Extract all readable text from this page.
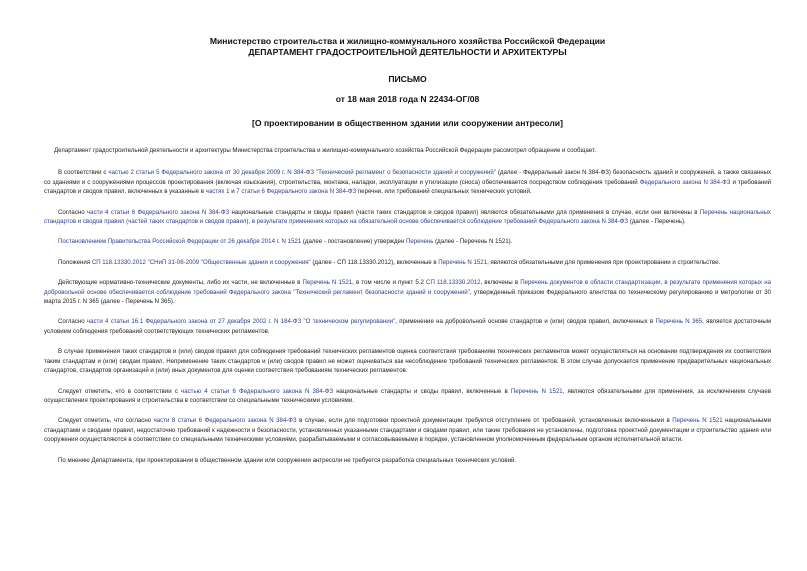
Министерство строительства и жилищно-коммунального хозяйства Российской Федерации
ДЕПАРТАМЕНТ ГРАДОСТРОИТЕЛЬНОЙ ДЕЯТЕЛЬНОСТИ И АРХИТЕКТУРЫ
ПИСЬМО
от 18 мая 2018 года N 22434-ОГ/08
[О проектировании в общественном здании или сооружении антресоли]

Департамент градостроительной деятельности и архитектуры Министерства строительства и жилищно-коммунального хозяйства Российской Федерации рассмотрел обращение и сообщает.

В соответствии с частью 2 статьи 5 Федерального закона от 30 декабря 2009 г. N 384-ФЗ "Технический регламент о безопасности зданий и сооружений" (далее - Федеральный закон N 384-ФЗ) безопасность зданий и сооружений, а также связанных со зданиями и с сооружениями процессов проектирования (включая изыскания), строительства, монтажа, наладки, эксплуатации и утилизации (сноса) обеспечивается посредством соблюдения требований Федерального закона N 384-ФЗ и требований стандартов и сводов правил, включенных в указанные в частях 1 и 7 статьи 6 Федерального закона N 384-ФЗ перечни, или требований специальных технических условий.

Согласно части 4 статьи 6 Федерального закона N 384-ФЗ национальные стандарты и своды правил (части таких стандартов и сводов правил) являются обязательными для применения в случае, если они включены в Перечень национальных стандартов и сводов правил (частей таких стандартов и сводов правил), в результате применения которых на обязательной основе обеспечивается соблюдение требований Федерального закона N 384-ФЗ (далее - Перечень).

Постановлением Правительства Российской Федерации от 26 декабря 2014 г. N 1521 (далее - постановление) утвержден Перечень (далее - Перечень N 1521).

Положения СП 118.13330.2012 "СНиП 31-06-2009 "Общественные здания и сооружения" (далее - СП 118.13330.2012), включенные в Перечень N 1521, являются обязательными для применения при проектировании и строительстве.

Действующие нормативно-технические документы, либо их части, не включенные в Перечень N 1521, в том числе и пункт 5.2 СП 118.13330.2012, включены в Перечень документов в области стандартизации, в результате применения которых на добровольной основе обеспечивается соблюдение требований Федерального закона "Технический регламент безопасности зданий и сооружений", утвержденный приказом Федерального агентства по техническому регулированию и метрологии от 30 марта 2015 г. N 365 (далее - Перечень N 365).

Согласно части 4 статьи 16.1 Федерального закона от 27 декабря 2002 г. N 184-ФЗ "О техническом регулировании", применение на добровольной основе стандартов и (или) сводов правил, включенных в Перечень N 365, является достаточным условием соблюдения требований соответствующих технических регламентов.

В случае применения таких стандартов и (или) сводов правил для соблюдения требований технических регламентов оценка соответствия требованиям технических регламентов может осуществляться на основании подтверждения их соответствия таким стандартам и (или) сводам правил. Неприменение таких стандартов и (или) сводов правил не может оцениваться как несоблюдение требований технических регламентов. В этом случае допускается применение предварительных национальных стандартов, стандартов организаций и (или) иных документов для оценки соответствия требованиям технических регламентов.

Следует отметить, что в соответствии с частью 4 статьи 6 Федерального закона N 384-ФЗ национальные стандарты и своды правил, включенные в Перечень N 1521, являются обязательными для применения, за исключением случаев осуществления проектирования и строительства в соответствии со специальными техническими условиями.

Следует отметить, что согласно части 8 статьи 6 Федерального закона N 384-ФЗ в случае, если для подготовки проектной документации требуется отступление от требований, установленных включенными в Перечень N 1521 национальными стандартами и сводами правил, недостаточно требований к надежности и безопасности, установленных указанными стандартами и сводами правил, или такие требования не установлены, подготовка проектной документации и строительство здания или сооружения осуществляются в соответствии со специальными техническими условиями, разрабатываемыми и согласовываемыми в порядке, установленном уполномоченным федеральным органом исполнительной власти.

По мнению Департамента, при проектировании в общественном здании или сооружении антресоли не требуется разработка специальных технических условий.
